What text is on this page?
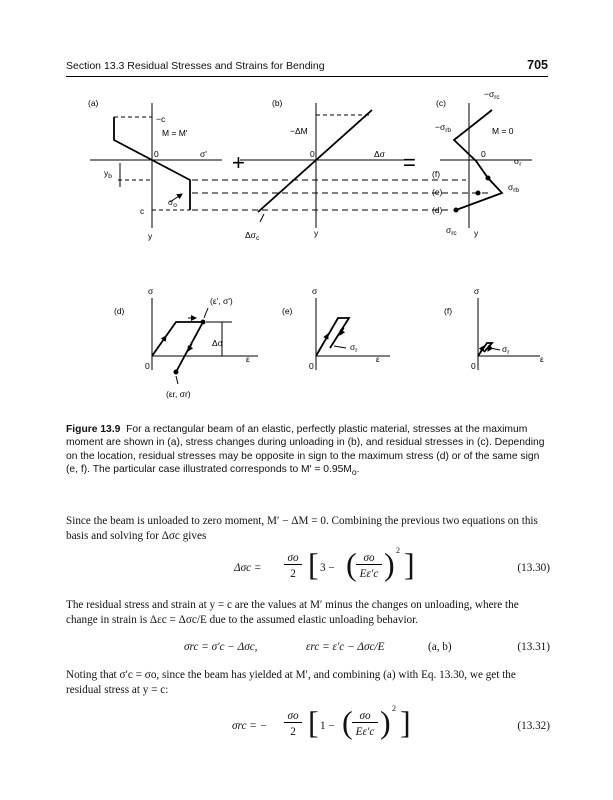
Section 13.3 Residual Stresses and Strains for Bending	705
+	=
(a)
−c
M = M'
0	σ'
$y_b$
$\sigma_o$
c
y
(b)
−ΔM
0	Δσ
$\Delta\sigma_c$
y
(c)
$-\sigma_{rc}$
$-\sigma_{rb}$	M = 0
0
$\sigma_r$
$\sigma_{rb}$
$\sigma_{rc}$ y
(f)
(e)
(d)
(d)
σ
(ε', σ')
Δσ
ε
0
(εr, σr)
(e)
σ
$\sigma_r$
ε
0
(f)
σ
$\sigma_r$
ε
0
Figure 13.9 For a rectangular beam of an elastic, perfectly plastic material, stresses at the maximum moment are shown in (a), stress changes during unloading in (b), and residual stresses in (c). Depending on the location, residual stresses may be opposite in sign to the maximum stress (d) or of the same sign (e, f). The particular case illustrated corresponds to $M' = 0.95M_o$.
Since the beam is unloaded to zero moment, M′ − ΔM = 0. Combining the previous two equations on this basis and solving for Δσc gives
Δσc =
σo
2 [ 3 − ( σo
Eε′c ) 2 ]	(13.30)
The residual stress and strain at y = c are the values at M′ minus the changes on unloading, where the change in strain is Δεc = Δσc/E due to the assumed elastic unloading behavior.
σrc = σ′c − Δσc,	εrc = ε′c − Δσc/E	(a, b)	(13.31)
Noting that σ′c = σo, since the beam has yielded at M′, and combining (a) with Eq. 13.30, we get the residual stress at y = c:
σrc = −
σo
2 [ 1 − ( σo
Eε′c ) 2 ]	(13.32)
